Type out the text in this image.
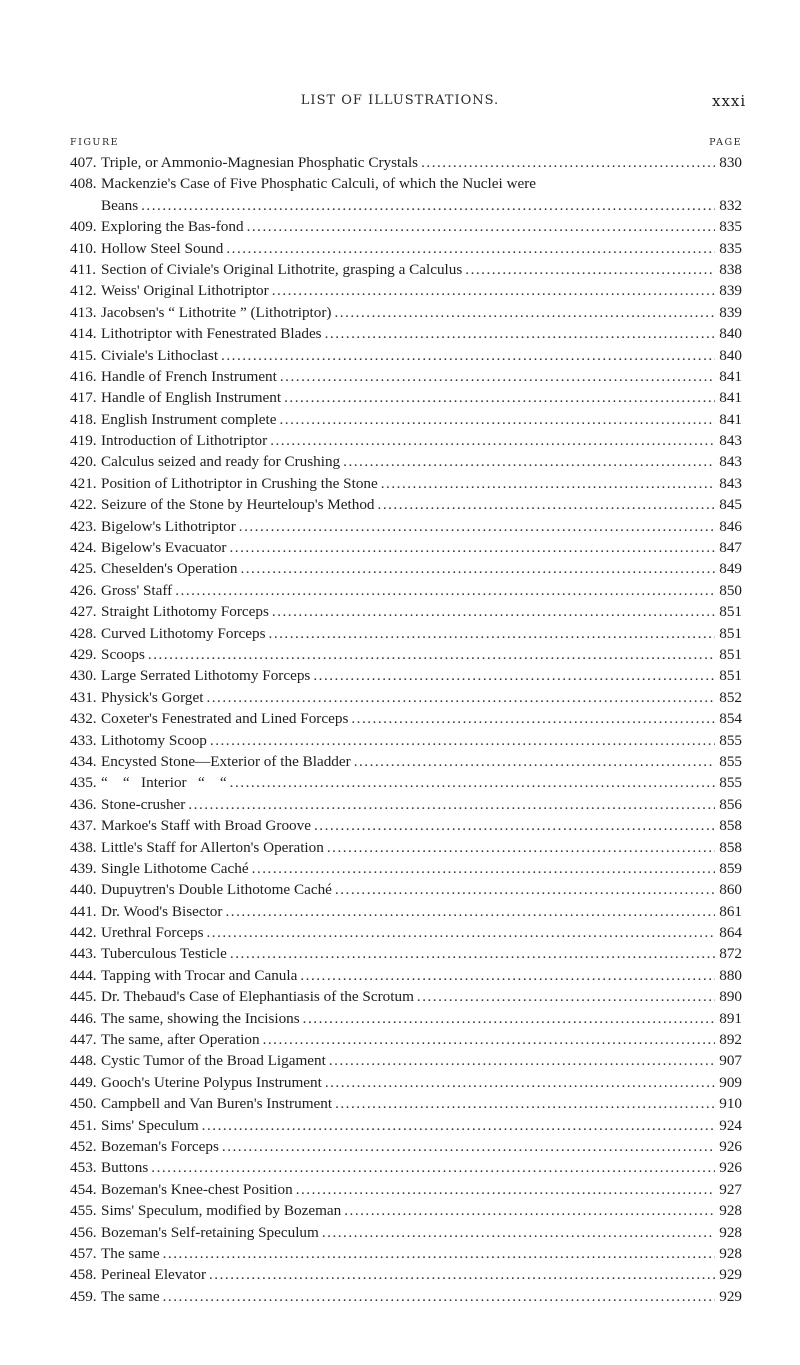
LIST OF ILLUSTRATIONS.	xxxi
FIGURE	PAGE
407. Triple, or Ammonio-Magnesian Phosphatic Crystals .....	830
408. Mackenzie's Case of Five Phosphatic Calculi, of which the Nuclei were
Beans .....	832
409. Exploring the Bas-fond .....	835
410. Hollow Steel Sound .....	835
411. Section of Civiale's Original Lithotrite, grasping a Calculus .....	838
412. Weiss' Original Lithotriptor .....	839
413. Jacobsen's “ Lithotrite ” (Lithotriptor) .....	839
414. Lithotriptor with Fenestrated Blades .....	840
415. Civiale's Lithoclast .....	840
416. Handle of French Instrument .....	841
417. Handle of English Instrument .....	841
418. English Instrument complete .....	841
419. Introduction of Lithotriptor .....	843
420. Calculus seized and ready for Crushing .....	843
421. Position of Lithotriptor in Crushing the Stone .....	843
422. Seizure of the Stone by Heurteloup's Method .....	845
423. Bigelow's Lithotriptor .....	846
424. Bigelow's Evacuator .....	847
425. Cheselden's Operation .....	849
426. Gross' Staff .....	850
427. Straight Lithotomy Forceps .....	851
428. Curved Lithotomy Forceps .....	851
429. Scoops .....	851
430. Large Serrated Lithotomy Forceps .....	851
431. Physick's Gorget .....	852
432. Coxeter's Fenestrated and Lined Forceps .....	854
433. Lithotomy Scoop .....	855
434. Encysted Stone—Exterior of the Bladder .....	855
435. “    “   Interior   “    “ .....	855
436. Stone-crusher .....	856
437. Markoe's Staff with Broad Groove .....	858
438. Little's Staff for Allerton's Operation .....	858
439. Single Lithotome Caché .....	859
440. Dupuytren's Double Lithotome Caché .....	860
441. Dr. Wood's Bisector .....	861
442. Urethral Forceps .....	864
443. Tuberculous Testicle .....	872
444. Tapping with Trocar and Canula .....	880
445. Dr. Thebaud's Case of Elephantiasis of the Scrotum .....	890
446. The same, showing the Incisions .....	891
447. The same, after Operation .....	892
448. Cystic Tumor of the Broad Ligament .....	907
449. Gooch's Uterine Polypus Instrument .....	909
450. Campbell and Van Buren's Instrument .....	910
451. Sims' Speculum .....	924
452. Bozeman's Forceps .....	926
453. Buttons .....	926
454. Bozeman's Knee-chest Position .....	927
455. Sims' Speculum, modified by Bozeman .....	928
456. Bozeman's Self-retaining Speculum .....	928
457. The same .....	928
458. Perineal Elevator .....	929
459. The same .....	929
